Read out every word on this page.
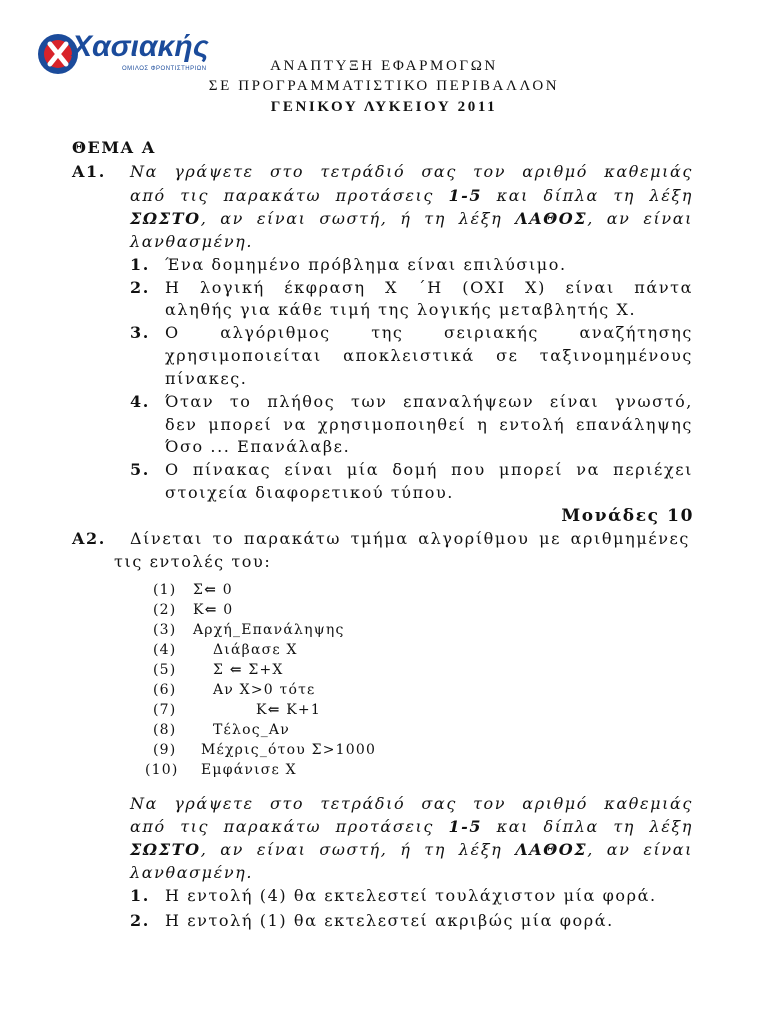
Χασιακής
ΟΜΙΛΟΣ ΦΡΟΝΤΙΣΤΗΡΙΩΝ	ΑΝΑΠΤΥΞΗ ΕΦΑΡΜΟΓΩΝ
ΣΕ ΠΡΟΓΡΑΜΜΑΤΙΣΤΙΚΟ ΠΕΡΙΒΑΛΛΟΝ
ΓΕΝΙΚΟΥ ΛΥΚΕΙΟΥ 2011
ΘΕΜΑ Α
Α1. Να γράψετε στο τετράδιό σας τον αριθμό καθεμιάς
από τις παρακάτω προτάσεις 1-5 και δίπλα τη λέξη
ΣΩΣΤΟ, αν είναι σωστή, ή τη λέξη ΛΑΘΟΣ, αν είναι
λανθασμένη.
1. Ένα δομημένο πρόβλημα είναι επιλύσιμο.
2. Η λογική έκφραση Χ ΄Η (ΟΧΙ Χ) είναι πάντα
αληθής για κάθε τιμή της λογικής μεταβλητής Χ.
3. Ο αλγόριθμος της σειριακής αναζήτησης
χρησιμοποιείται αποκλειστικά σε ταξινομημένους
πίνακες.
4. Όταν το πλήθος των επαναλήψεων είναι γνωστό,
δεν μπορεί να χρησιμοποιηθεί η εντολή επανάληψης
Όσο ... Επανάλαβε.
5. Ο πίνακας είναι μία δομή που μπορεί να περιέχει
στοιχεία διαφορετικού τύπου.
Μονάδες 10
Α2. Δίνεται το παρακάτω τμήμα αλγορίθμου με αριθμημένες
τις εντολές του:
(1) Σ⇐ 0
(2) Κ⇐ 0
(3) Αρχή_Επανάληψης
(4)	Διάβασε Χ
(5)	Σ ⇐ Σ+Χ
(6)	Αν Χ>0 τότε
(7)	Κ⇐ Κ+1
(8)	Τέλος_Αν
(9) Μέχρις_ότου Σ>1000
(10) Εμφάνισε Χ
Να γράψετε στο τετράδιό σας τον αριθμό καθεμιάς
από τις παρακάτω προτάσεις 1-5 και δίπλα τη λέξη
ΣΩΣΤΟ, αν είναι σωστή, ή τη λέξη ΛΑΘΟΣ, αν είναι
λανθασμένη.
1. Η εντολή (4) θα εκτελεστεί τουλάχιστον μία φορά.
2. Η εντολή (1) θα εκτελεστεί ακριβώς μία φορά.
